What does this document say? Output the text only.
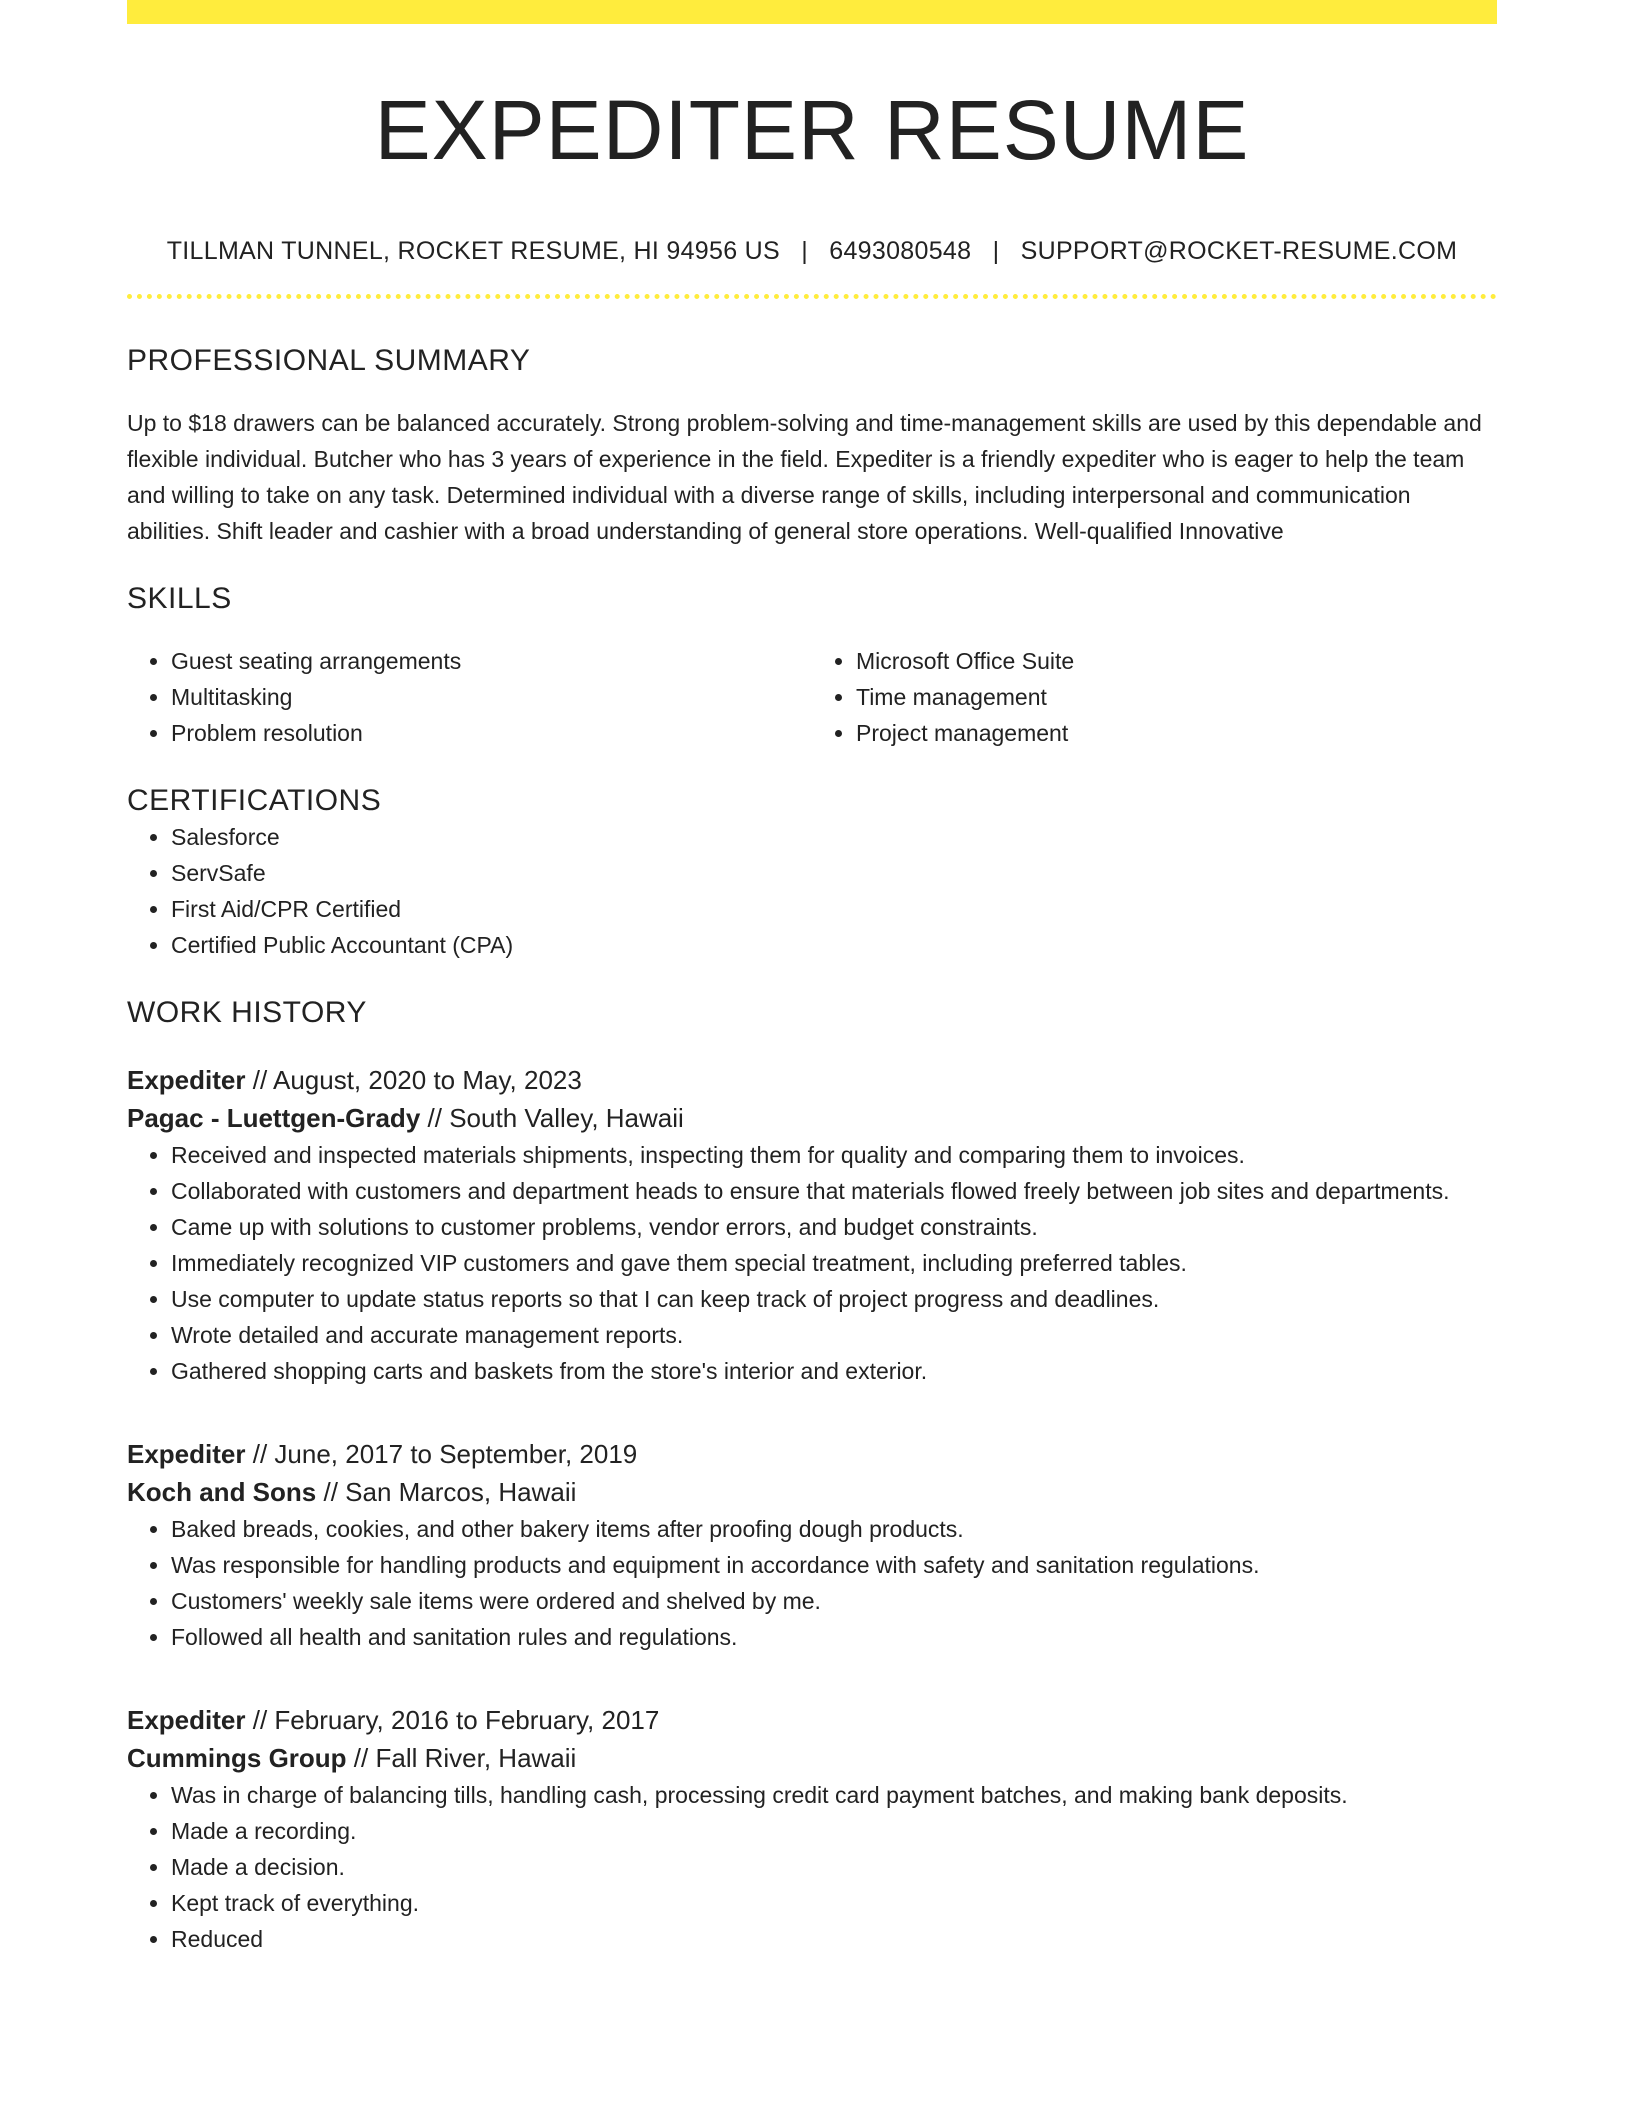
EXPEDITER RESUME
TILLMAN TUNNEL, ROCKET RESUME, HI 94956 US | 6493080548 | SUPPORT@ROCKET-RESUME.COM
PROFESSIONAL SUMMARY
Up to $18 drawers can be balanced accurately. Strong problem-solving and time-management skills are used by this dependable and flexible individual. Butcher who has 3 years of experience in the field. Expediter is a friendly expediter who is eager to help the team and willing to take on any task. Determined individual with a diverse range of skills, including interpersonal and communication abilities. Shift leader and cashier with a broad understanding of general store operations. Well-qualified Innovative
SKILLS
• Guest seating arrangements
• Multitasking
• Problem resolution
• Microsoft Office Suite
• Time management
• Project management
CERTIFICATIONS
• Salesforce
• ServSafe
• First Aid/CPR Certified
• Certified Public Accountant (CPA)
WORK HISTORY
Expediter // August, 2020 to May, 2023
Pagac - Luettgen-Grady // South Valley, Hawaii
• Received and inspected materials shipments, inspecting them for quality and comparing them to invoices.
• Collaborated with customers and department heads to ensure that materials flowed freely between job sites and departments.
• Came up with solutions to customer problems, vendor errors, and budget constraints.
• Immediately recognized VIP customers and gave them special treatment, including preferred tables.
• Use computer to update status reports so that I can keep track of project progress and deadlines.
• Wrote detailed and accurate management reports.
• Gathered shopping carts and baskets from the store's interior and exterior.
Expediter // June, 2017 to September, 2019
Koch and Sons // San Marcos, Hawaii
• Baked breads, cookies, and other bakery items after proofing dough products.
• Was responsible for handling products and equipment in accordance with safety and sanitation regulations.
• Customers' weekly sale items were ordered and shelved by me.
• Followed all health and sanitation rules and regulations.
Expediter // February, 2016 to February, 2017
Cummings Group // Fall River, Hawaii
• Was in charge of balancing tills, handling cash, processing credit card payment batches, and making bank deposits.
• Made a recording.
• Made a decision.
• Kept track of everything.
• Reduced
